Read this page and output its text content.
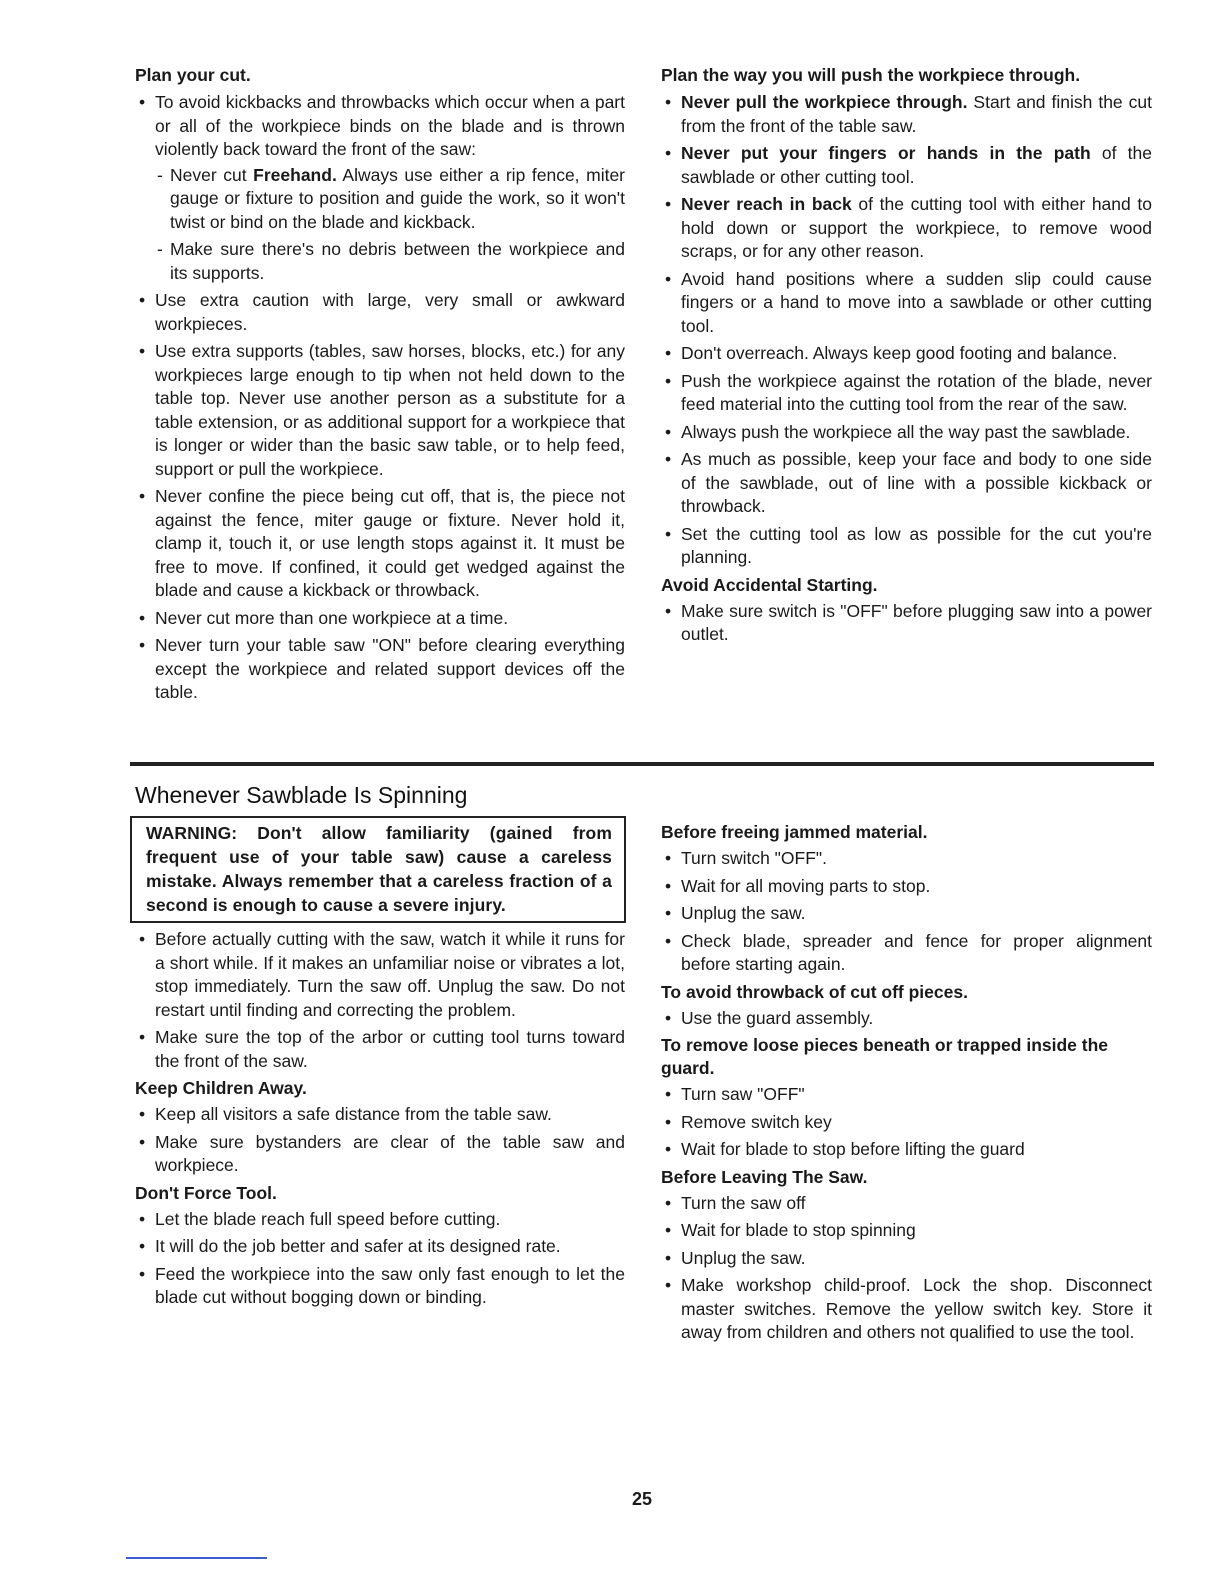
Plan your cut.
• To avoid kickbacks and throwbacks which occur when a part or all of the workpiece binds on the blade and is thrown violently back toward the front of the saw:
- Never cut Freehand. Always use either a rip fence, miter gauge or fixture to position and guide the work, so it won't twist or bind on the blade and kickback.
- Make sure there's no debris between the workpiece and its supports.
• Use extra caution with large, very small or awkward workpieces.
• Use extra supports (tables, saw horses, blocks, etc.) for any workpieces large enough to tip when not held down to the table top. Never use another person as a substitute for a table extension, or as additional support for a workpiece that is longer or wider than the basic saw table, or to help feed, support or pull the workpiece.
• Never confine the piece being cut off, that is, the piece not against the fence, miter gauge or fixture. Never hold it, clamp it, touch it, or use length stops against it. It must be free to move. If confined, it could get wedged against the blade and cause a kickback or throwback.
• Never cut more than one workpiece at a time.
• Never turn your table saw "ON" before clearing everything except the workpiece and related support devices off the table.
Plan the way you will push the workpiece through.
• Never pull the workpiece through. Start and finish the cut from the front of the table saw.
• Never put your fingers or hands in the path of the sawblade or other cutting tool.
• Never reach in back of the cutting tool with either hand to hold down or support the workpiece, to remove wood scraps, or for any other reason.
• Avoid hand positions where a sudden slip could cause fingers or a hand to move into a sawblade or other cutting tool.
• Don't overreach. Always keep good footing and balance.
• Push the workpiece against the rotation of the blade, never feed material into the cutting tool from the rear of the saw.
• Always push the workpiece all the way past the sawblade.
• As much as possible, keep your face and body to one side of the sawblade, out of line with a possible kickback or throwback.
• Set the cutting tool as low as possible for the cut you're planning.
Avoid Accidental Starting.
• Make sure switch is "OFF" before plugging saw into a power outlet.
Whenever Sawblade Is Spinning
WARNING: Don't allow familiarity (gained from frequent use of your table saw) cause a careless mistake. Always remember that a careless fraction of a second is enough to cause a severe injury.
• Before actually cutting with the saw, watch it while it runs for a short while. If it makes an unfamiliar noise or vibrates a lot, stop immediately. Turn the saw off. Unplug the saw. Do not restart until finding and correcting the problem.
• Make sure the top of the arbor or cutting tool turns toward the front of the saw.
Keep Children Away.
• Keep all visitors a safe distance from the table saw.
• Make sure bystanders are clear of the table saw and workpiece.
Don't Force Tool.
• Let the blade reach full speed before cutting.
• It will do the job better and safer at its designed rate.
• Feed the workpiece into the saw only fast enough to let the blade cut without bogging down or binding.
Before freeing jammed material.
• Turn switch "OFF".
• Wait for all moving parts to stop.
• Unplug the saw.
• Check blade, spreader and fence for proper alignment before starting again.
To avoid throwback of cut off pieces.
• Use the guard assembly.
To remove loose pieces beneath or trapped inside the guard.
• Turn saw "OFF"
• Remove switch key
• Wait for blade to stop before lifting the guard
Before Leaving The Saw.
• Turn the saw off
• Wait for blade to stop spinning
• Unplug the saw.
• Make workshop child-proof. Lock the shop. Disconnect master switches. Remove the yellow switch key. Store it away from children and others not qualified to use the tool.
25
